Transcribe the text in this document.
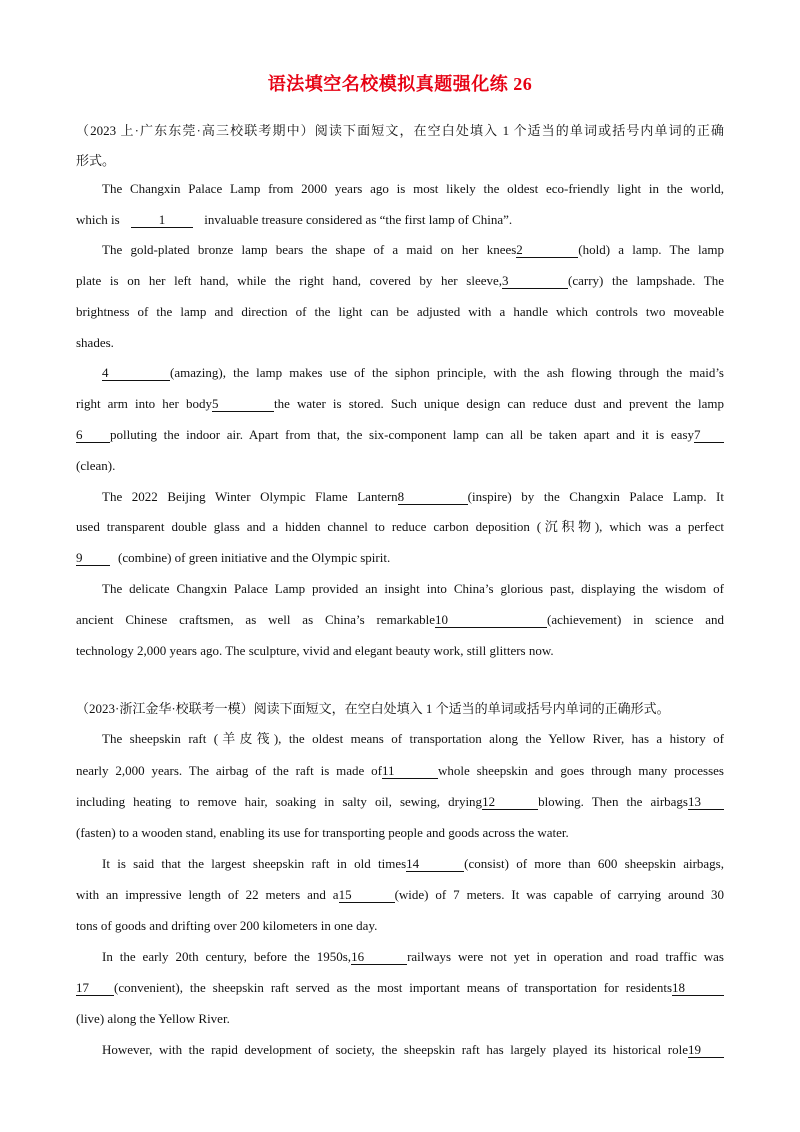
语法填空名校模拟真题强化练 26
（2023 上·广东东莞·高三校联考期中）阅读下面短文，在空白处填入 1 个适当的单词或括号内单词的正确
形式。
The Changxin Palace Lamp from 2000 years ago is most likely the oldest eco-friendly light in the world,
which is	1	invaluable treasure considered as “the first lamp of China”.
The gold-plated bronze lamp bears the shape of a maid on her knees2	(hold) a lamp. The lamp
plate is on her left hand, while the right hand, covered by her sleeve,3	(carry) the lampshade. The
brightness of the lamp and direction of the light can be adjusted with a handle which controls two moveable
shades.
4	(amazing), the lamp makes use of the siphon principle, with the ash flowing through the maid’s
right arm into her body5	the water is stored. Such unique design can reduce dust and prevent the lamp
6 polluting the indoor air. Apart from that, the six-component lamp can all be taken apart and it is easy7
(clean).
The 2022 Beijing Winter Olympic Flame Lantern8	(inspire) by the Changxin Palace Lamp. It
used transparent double glass and a hidden channel to reduce carbon deposition (沉积物), which was a perfect
9	(combine) of green initiative and the Olympic spirit.
The delicate Changxin Palace Lamp provided an insight into China’s glorious past, displaying the wisdom of
ancient Chinese craftsmen, as well as China’s remarkable10	(achievement) in science and
technology 2,000 years ago. The sculpture, vivid and elegant beauty work, still glitters now.
（2023·浙江金华·校联考一模）阅读下面短文，在空白处填入 1 个适当的单词或括号内单词的正确形式。
The sheepskin raft (羊皮筏), the oldest means of transportation along the Yellow River, has a history of
nearly 2,000 years. The airbag of the raft is made of11	whole sheepskin and goes through many processes
including heating to remove hair, soaking in salty oil, sewing, drying12	blowing. Then the airbags13
(fasten) to a wooden stand, enabling its use for transporting people and goods across the water.
It is said that the largest sheepskin raft in old times14	(consist) of more than 600 sheepskin airbags,
with an impressive length of 22 meters and a15	(wide) of 7 meters. It was capable of carrying around 30
tons of goods and drifting over 200 kilometers in one day.
In the early 20th century, before the 1950s,16	railways were not yet in operation and road traffic was
17 (convenient), the sheepskin raft served as the most important means of transportation for residents18
(live) along the Yellow River.
However, with the rapid development of society, the sheepskin raft has largely played its historical role19
